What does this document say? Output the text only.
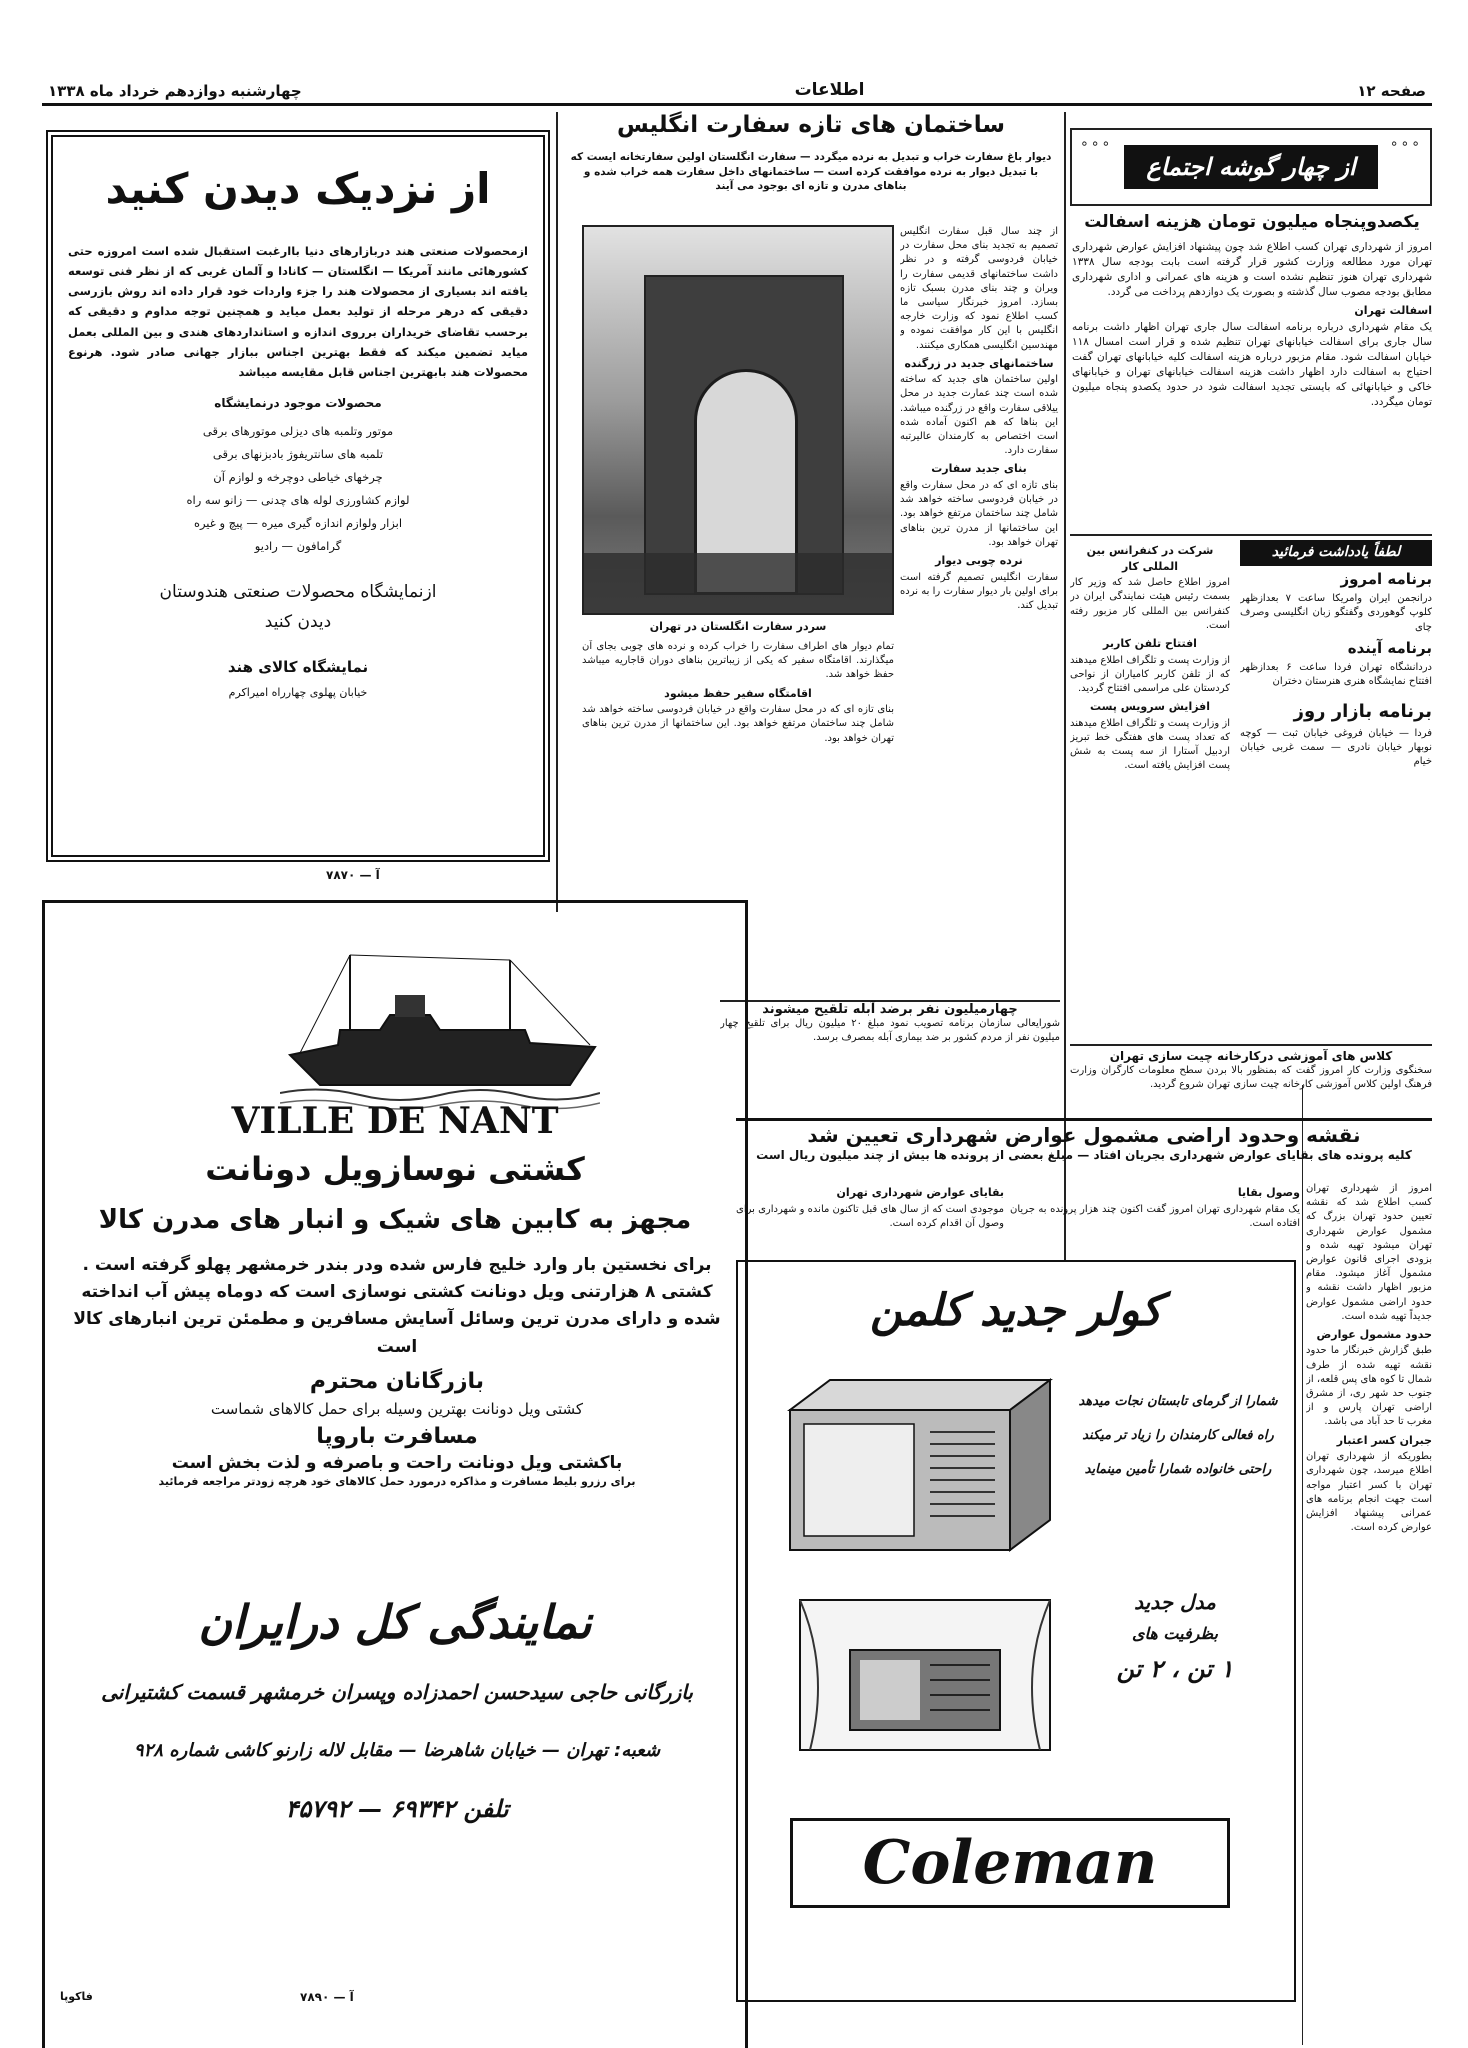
صفحه ۱۲
اطلاعات
چهارشنبه دوازدهم خرداد ماه ۱۳۳۸
∘∘∘
از چهار گوشه اجتماع
∘∘∘
یکصدوپنجاه میلیون تومان هزینه اسفالت

امروز از شهرداری تهران کسب اطلاع شد چون پیشنهاد افزایش عوارض شهرداری تهران مورد مطالعه وزارت کشور قرار گرفته است بابت بودجه سال ۱۳۳۸ شهرداری تهران هنوز تنظیم نشده است و هزینه های عمرانی و اداری شهرداری مطابق بودجه مصوب سال گذشته و بصورت یک دوازدهم پرداخت می گردد.

اسفالت تهران

یک مقام شهرداری درباره برنامه اسفالت سال جاری تهران اظهار داشت برنامه سال جاری برای اسفالت خیابانهای تهران تنظیم شده و قرار است امسال ۱۱۸ خیابان اسفالت شود. مقام مزبور درباره هزینه اسفالت کلیه خیابانهای تهران گفت احتیاج به اسفالت دارد اظهار داشت هزینه اسفالت خیابانهای تهران و خیابانهای خاکی و خیابانهائی که بایستی تجدید اسفالت شود در حدود یکصدو پنجاه میلیون تومان میگردد.

شرکت در کنفرانس بین المللی کار

امروز اطلاع حاصل شد که وزیر کار بسمت رئیس هیئت نمایندگی ایران در کنفرانس بین المللی کار مزبور رفته است.

افتتاح تلفن کاربر

از وزارت پست و تلگراف اطلاع میدهند که از تلفن کاربر کامیاران از نواحی کردستان علی مراسمی افتتاح گردید.

افزایش سرویس پست

از وزارت پست و تلگراف اطلاع میدهند که تعداد پست های هفتگی خط تبریز اردبیل آستارا از سه پست به شش پست افزایش یافته است.

لطفاً یادداشت فرمائید
برنامه امروز

درانجمن ایران وامریکا ساعت ۷ بعدازظهر کلوپ گوهوردی وگفتگو زبان انگلیسی وصرف چای

برنامه آینده

دردانشگاه تهران فردا ساعت ۶ بعدازظهر افتتاح نمایشگاه هنری هنرستان دختران

برنامه بازار روز

فردا — خیابان فروغی خیابان ثبت — کوچه نوبهار خیابان نادری — سمت غربی خیابان خیام

کلاس های آموزشی درکارخانه چیت سازی تهران
سخنگوی وزارت کار امروز گفت که بمنظور بالا بردن سطح معلومات کارگران وزارت فرهنگ اولین کلاس آموزشی کارخانه چیت سازی تهران شروع گردید.
نقشه وحدود اراضی مشمول عوارض شهرداری تعیین شد
کلیه پرونده های بقایای عوارض شهرداری بجریان افتاد — مبلغ بعضی از پرونده ها بیش از چند میلیون ریال است

امروز از شهرداری تهران کسب اطلاع شد که نقشه تعیین حدود تهران بزرگ که مشمول عوارض شهرداری تهران میشود تهیه شده و بزودی اجرای قانون عوارض مشمول آغاز میشود. مقام مزبور اظهار داشت نقشه و حدود اراضی مشمول عوارض جدیداً تهیه شده است.

حدود مشمول عوارض

طبق گزارش خبرنگار ما حدود نقشه تهیه شده از طرف شمال تا کوه های پس قلعه، از جنوب حد شهر ری، از مشرق اراضی تهران پارس و از مغرب تا حد آباد می باشد.

جبران کسر اعتبار

بطوریکه از شهرداری تهران اطلاع میرسد، چون شهرداری تهران با کسر اعتبار مواجه است جهت انجام برنامه های عمرانی پیشنهاد افزایش عوارض کرده است.

وصول بقایا

یک مقام شهرداری تهران امروز گفت اکنون چند هزار پرونده به جریان افتاده است.

بقایای عوارض شهرداری تهران

موجودی است که از سال های قبل تاکنون مانده و شهرداری برای وصول آن اقدام کرده است.

ساختمان های تازه سفارت انگلیس
دیوار باغ سفارت خراب و تبدیل به نرده میگردد — سفارت انگلستان اولین سفارتخانه ایست که با تبدیل دیوار به نرده موافقت کرده است — ساختمانهای داخل سفارت همه خراب شده و بناهای مدرن و تازه ای بوجود می آیند
سردر سفارت انگلستان در تهران

از چند سال قبل سفارت انگلیس تصمیم به تجدید بنای محل سفارت در خیابان فردوسی گرفته و در نظر داشت ساختمانهای قدیمی سفارت را ویران و چند بنای مدرن بسبک تازه بسازد. امروز خبرنگار سیاسی ما کسب اطلاع نمود که وزارت خارجه انگلیس با این کار موافقت نموده و مهندسین انگلیسی همکاری میکنند.

ساختمانهای جدید در زرگنده

اولین ساختمان های جدید که ساخته شده است چند عمارت جدید در محل ییلاقی سفارت واقع در زرگنده میباشد. این بناها که هم اکنون آماده شده است اختصاص به کارمندان عالیرتبه سفارت دارد.

بنای جدید سفارت

بنای تازه ای که در محل سفارت واقع در خیابان فردوسی ساخته خواهد شد شامل چند ساختمان مرتفع خواهد بود. این ساختمانها از مدرن ترین بناهای تهران خواهد بود.

نرده چوبی دیوار

سفارت انگلیس تصمیم گرفته است برای اولین بار دیوار سفارت را به نرده تبدیل کند.

تمام دیوار های اطراف سفارت را خراب کرده و نرده های چوبی بجای آن میگذارند. اقامتگاه سفیر که یکی از زیباترین بناهای دوران قاجاریه میباشد حفظ خواهد شد.

اقامتگاه سفیر حفظ میشود

بنای تازه ای که در محل سفارت واقع در خیابان فردوسی ساخته خواهد شد شامل چند ساختمان مرتفع خواهد بود. این ساختمانها از مدرن ترین بناهای تهران خواهد بود.

چهارمیلیون نفر برضد آبله تلقیح میشوند
شورایعالی سازمان برنامه تصویب نمود مبلغ ۲۰ میلیون ریال برای تلقیح چهار میلیون نفر از مردم کشور بر ضد بیماری آبله بمصرف برسد.
از نزدیک دیدن کنید
ازمحصولات صنعتی هند دربازارهای دنیا باارغبت استقبال شده است امروزه حتی کشورهائی مانند آمریکا — انگلستان — کانادا و آلمان غربی که از نظر فنی توسعه یافته اند بسیاری از محصولات هند را جزء واردات خود قرار داده اند روش بازرسی دقیقی که درهر مرحله از تولید بعمل میاید و همچنین توجه مداوم و دقیقی که برحسب تقاضای خریداران برروی اندازه و استانداردهای هندی و بین المللی بعمل میاید تضمین میکند که فقط بهترین اجناس ببازار جهانی صادر شود. هرنوع محصولات هند بابهترین اجناس قابل مقایسه میباشد
محصولات موجود درنمایشگاه
موتور وتلمبه های دیزلی موتورهای برقی
تلمبه های سانتریفوژ بادبزنهای برقی
چرخهای خیاطی دوچرخه و لوازم آن
لوازم کشاورزی لوله های چدنی — زانو سه راه
ابزار ولوازم اندازه گیری میره — پیچ و غیره
گرامافون — رادیو
ازنمایشگاه محصولات صنعتی هندوستان
دیدن کنید
نمایشگاه کالای هند
خیابان پهلوی چهارراه امیراکرم
آ — ۷۸۷۰
VILLE DE NANT
کشتی نوسازویل دونانت
مجهز به کابین های شیک و انبار های مدرن کالا
برای نخستین بار وارد خلیج فارس شده ودر بندر خرمشهر پهلو گرفته است .
کشتی ۸ هزارتنی ویل دونانت کشتی نوسازی است که دوماه پیش آب انداخته
شده و دارای مدرن ترین وسائل آسایش مسافرین و مطمئن ترین انبارهای کالا است
بازرگانان محترم
کشتی ویل دونانت بهترین وسیله برای حمل کالاهای شماست
مسافرت باروپا
باکشتی ویل دونانت راحت و باصرفه و لذت بخش است
برای رزرو بلیط مسافرت و مذاکره درمورد حمل کالاهای خود هرچه زودتر مراجعه فرمائید
نمایندگی کل درایران
بازرگانی حاجی سیدحسن احمدزاده وپسران خرمشهر قسمت کشتیرانی
شعبه: تهران — خیابان شاهرضا — مقابل لاله زارنو کاشی شماره ۹۲۸
تلفن ۶۹۳۴۲ — ۴۵۷۹۲
آ — ۷۸۹۰
فاکوپا
کولر جدید کلمن
شمارا از گرمای تابستان نجات میدهد
راه فعالی کارمندان را زیاد تر میکند
راحتی خانواده شمارا تأمین مینماید
مدل جدید
بظرفیت های
۱ تن ، ۲ تن
Coleman
